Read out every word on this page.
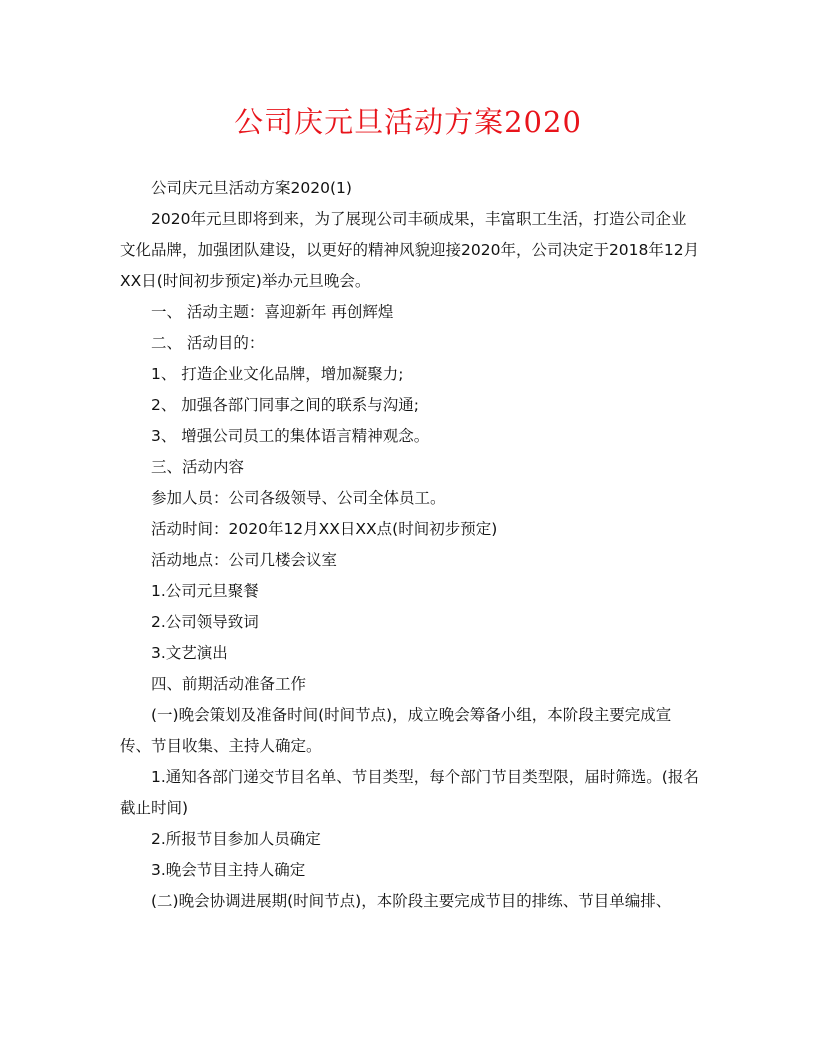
公司庆元旦活动方案2020

公司庆元旦活动方案2020(1)

2020年元旦即将到来，为了展现公司丰硕成果，丰富职工生活，打造公司企业文化品牌，加强团队建设，以更好的精神风貌迎接2020年，公司决定于2018年12月XX日(时间初步预定)举办元旦晚会。

一、 活动主题：喜迎新年 再创辉煌

二、 活动目的：

1、 打造企业文化品牌，增加凝聚力;

2、 加强各部门同事之间的联系与沟通;

3、 增强公司员工的集体语言精神观念。

三、活动内容

参加人员：公司各级领导、公司全体员工。

活动时间：2020年12月XX日XX点(时间初步预定)

活动地点：公司几楼会议室

1.公司元旦聚餐

2.公司领导致词

3.文艺演出

四、前期活动准备工作

(一)晚会策划及准备时间(时间节点)，成立晚会筹备小组，本阶段主要完成宣传、节目收集、主持人确定。

1.通知各部门递交节目名单、节目类型，每个部门节目类型限，届时筛选。(报名截止时间)

2.所报节目参加人员确定

3.晚会节目主持人确定

(二)晚会协调进展期(时间节点)，本阶段主要完成节目的排练、节目单编排、
